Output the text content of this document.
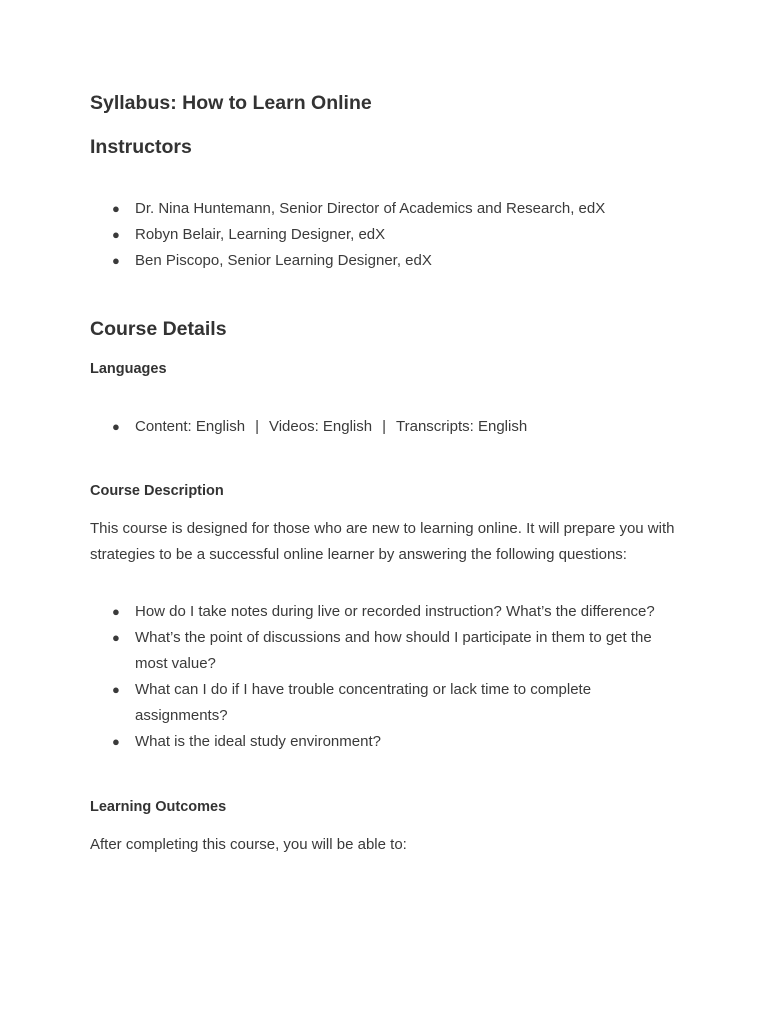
Syllabus: How to Learn Online
Instructors
● Dr. Nina Huntemann, Senior Director of Academics and Research, edX
● Robyn Belair, Learning Designer, edX
● Ben Piscopo, Senior Learning Designer, edX
Course Details
Languages
● Content: English | Videos: English | Transcripts: English
Course Description

This course is designed for those who are new to learning online. It will prepare you with strategies to be a successful online learner by answering the following questions:

● How do I take notes during live or recorded instruction? What’s the difference?
● What’s the point of discussions and how should I participate in them to get the most value?
● What can I do if I have trouble concentrating or lack time to complete assignments?
● What is the ideal study environment?
Learning Outcomes

After completing this course, you will be able to:
